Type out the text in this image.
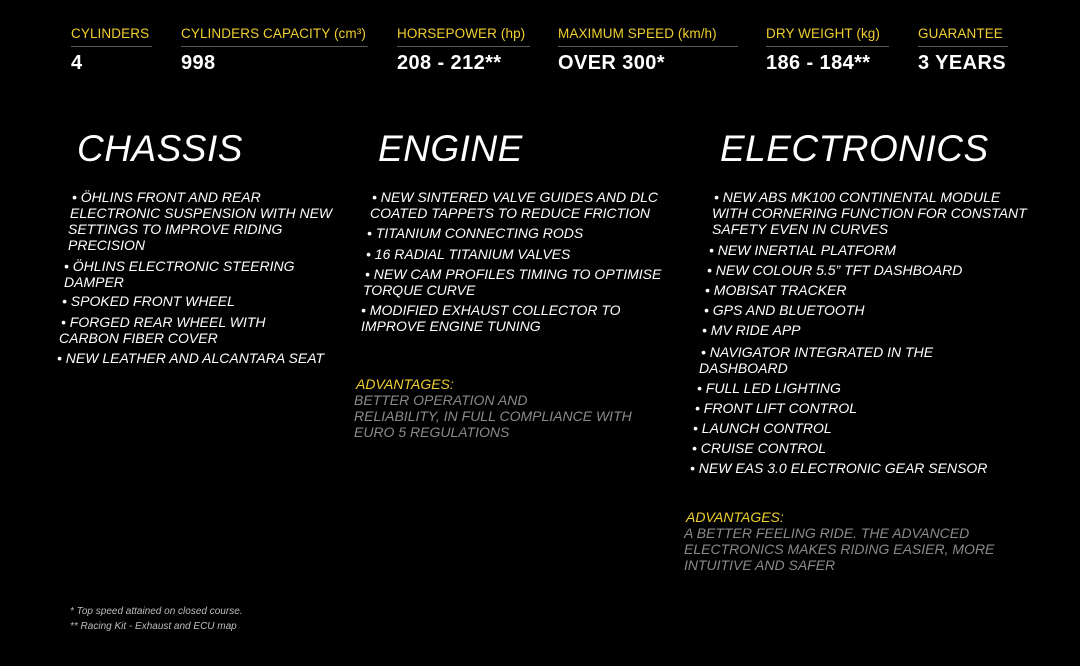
CYLINDERS
4
CYLINDERS CAPACITY (cm³)
998
HORSEPOWER (hp)
208 - 212**
MAXIMUM SPEED (km/h)
OVER 300*
DRY WEIGHT (kg)
186 - 184**
GUARANTEE
3 YEARS
CHASSIS

• ÖHLINS FRONT AND REAR
ELECTRONIC SUSPENSION WITH NEW
SETTINGS TO IMPROVE RIDING
PRECISION

• ÖHLINS ELECTRONIC STEERING
DAMPER

• SPOKED FRONT WHEEL

• FORGED REAR WHEEL WITH
CARBON FIBER COVER

• NEW LEATHER AND ALCANTARA SEAT

ENGINE

• NEW SINTERED VALVE GUIDES AND DLC
COATED TAPPETS TO REDUCE FRICTION

• TITANIUM CONNECTING RODS

• 16 RADIAL TITANIUM VALVES

• NEW CAM PROFILES TIMING TO OPTIMISE
TORQUE CURVE

• MODIFIED EXHAUST COLLECTOR TO
IMPROVE ENGINE TUNING

ADVANTAGES:

BETTER OPERATION AND
RELIABILITY, IN FULL COMPLIANCE WITH
EURO 5 REGULATIONS

ELECTRONICS

• NEW ABS MK100 CONTINENTAL MODULE
WITH CORNERING FUNCTION FOR CONSTANT
SAFETY EVEN IN CURVES

• NEW INERTIAL PLATFORM

• NEW COLOUR 5.5” TFT DASHBOARD

• MOBISAT TRACKER

• GPS AND BLUETOOTH

• MV RIDE APP

• NAVIGATOR INTEGRATED IN THE
DASHBOARD

• FULL LED LIGHTING

• FRONT LIFT CONTROL

• LAUNCH CONTROL

• CRUISE CONTROL

• NEW EAS 3.0 ELECTRONIC GEAR SENSOR

ADVANTAGES:

A BETTER FEELING RIDE. THE ADVANCED
ELECTRONICS MAKES RIDING EASIER, MORE
INTUITIVE AND SAFER

* Top speed attained on closed course.
** Racing Kit - Exhaust and ECU map
